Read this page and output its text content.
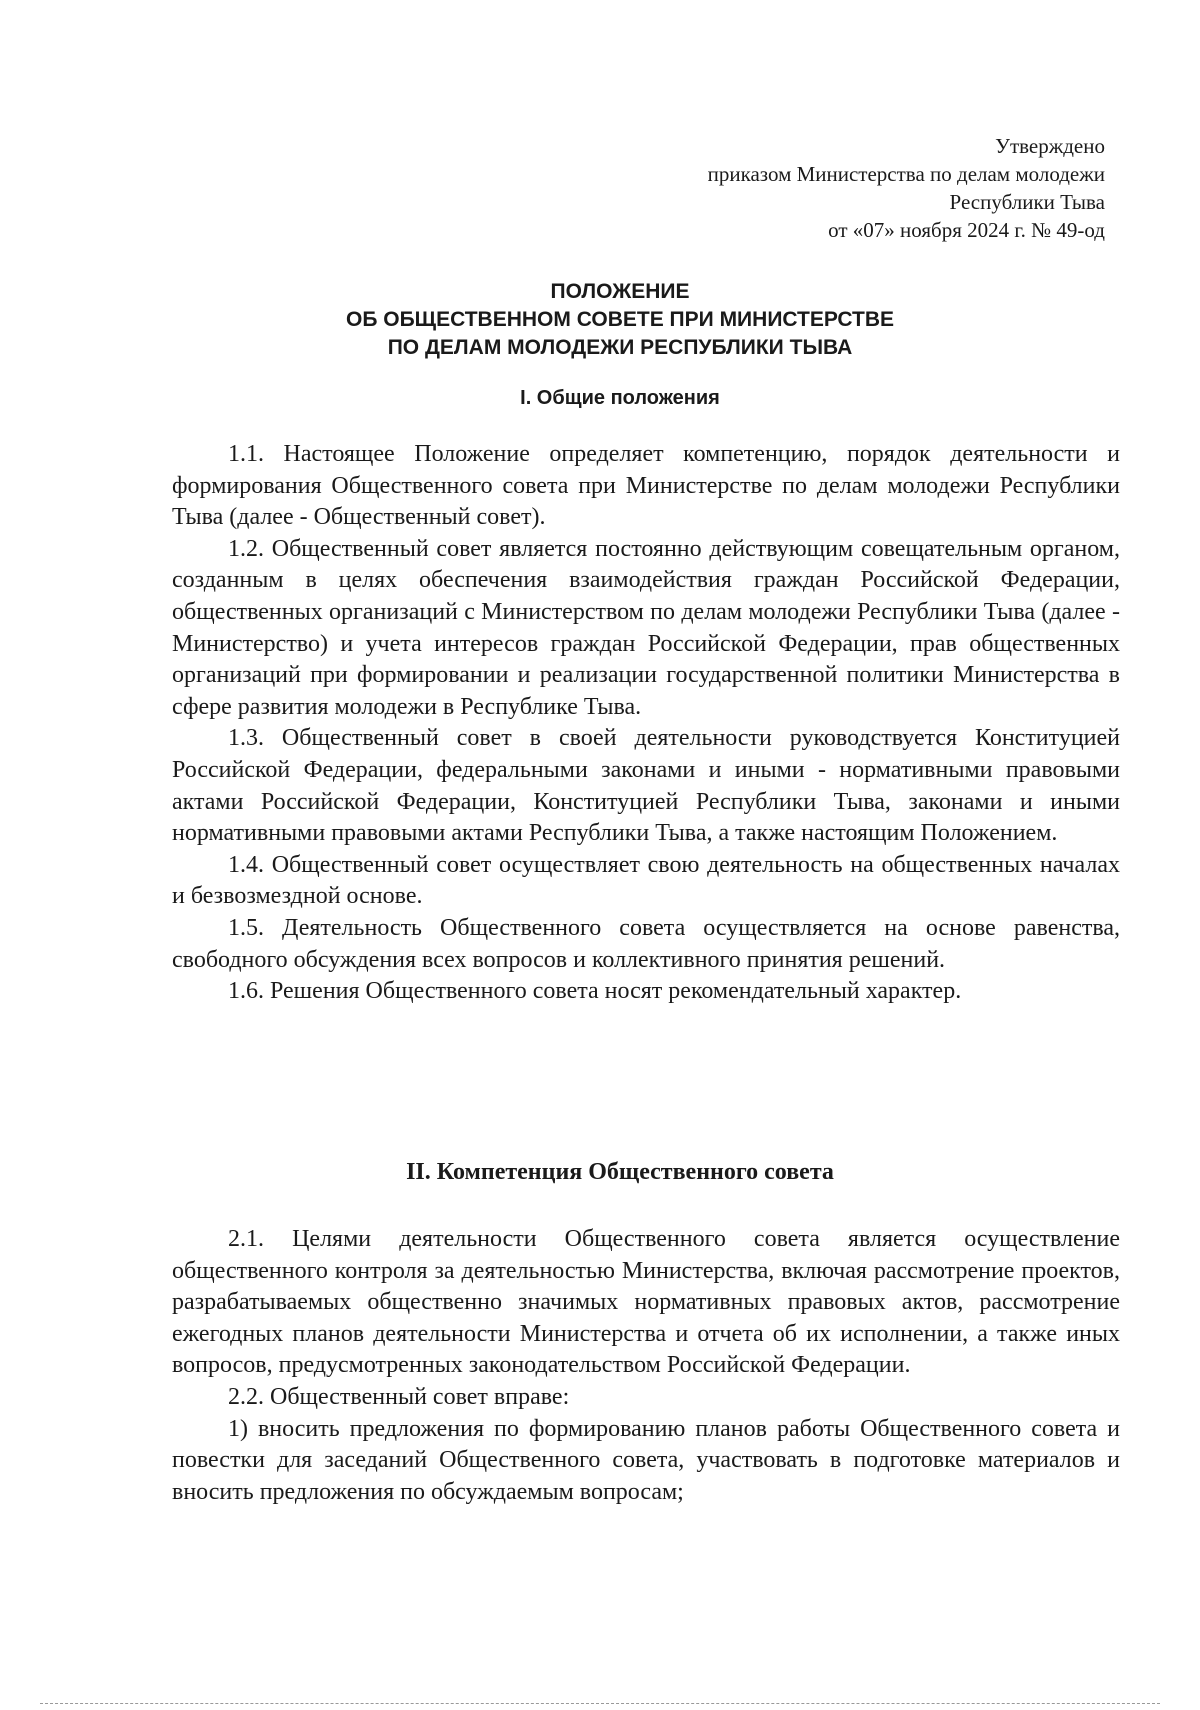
Утверждено
приказом Министерства по делам молодежи
Республики Тыва
от «07» ноября 2024 г. № 49-од
ПОЛОЖЕНИЕ
ОБ ОБЩЕСТВЕННОМ СОВЕТЕ ПРИ МИНИСТЕРСТВЕ
ПО ДЕЛАМ МОЛОДЕЖИ РЕСПУБЛИКИ ТЫВА
I. Общие положения

1.1. Настоящее Положение определяет компетенцию, порядок деятельности и формирования Общественного совета при Министерстве по делам молодежи Республики Тыва (далее - Общественный совет).

1.2. Общественный совет является постоянно действующим совещательным органом, созданным в целях обеспечения взаимодействия граждан Российской Федерации, общественных организаций с Министерством по делам молодежи Республики Тыва (далее - Министерство) и учета интересов граждан Российской Федерации, прав общественных организаций при формировании и реализации государственной политики Министерства в сфере развития молодежи в Республике Тыва.

1.3. Общественный совет в своей деятельности руководствуется Конституцией Российской Федерации, федеральными законами и иными - нормативными правовыми актами Российской Федерации, Конституцией Республики Тыва, законами и иными нормативными правовыми актами Республики Тыва, а также настоящим Положением.

1.4. Общественный совет осуществляет свою деятельность на общественных началах и безвозмездной основе.

1.5. Деятельность Общественного совета осуществляется на основе равенства, свободного обсуждения всех вопросов и коллективного принятия решений.

1.6. Решения Общественного совета носят рекомендательный характер.

II. Компетенция Общественного совета

2.1. Целями деятельности Общественного совета является осуществление общественного контроля за деятельностью Министерства, включая рассмотрение проектов, разрабатываемых общественно значимых нормативных правовых актов, рассмотрение ежегодных планов деятельности Министерства и отчета об их исполнении, а также иных вопросов, предусмотренных законодательством Российской Федерации.

2.2. Общественный совет вправе:

1) вносить предложения по формированию планов работы Общественного совета и повестки для заседаний Общественного совета, участвовать в подготовке материалов и вносить предложения по обсуждаемым вопросам;
